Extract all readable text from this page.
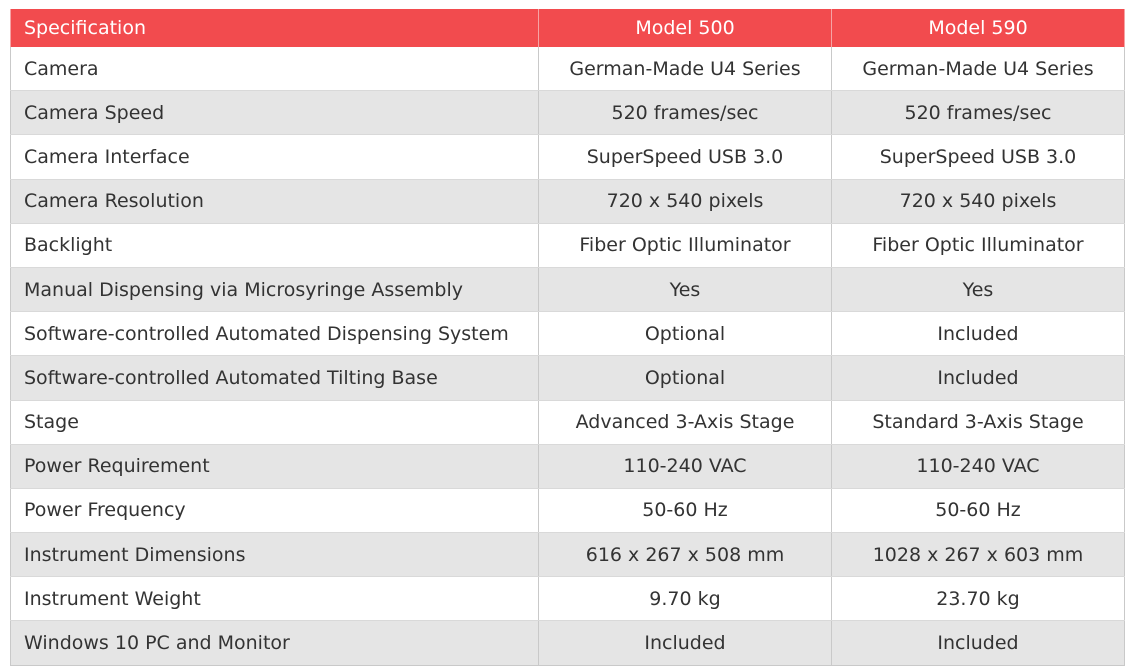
Specification	Model 500	Model 590
Camera	German-Made U4 Series	German-Made U4 Series
Camera Speed	520 frames/sec	520 frames/sec
Camera Interface	SuperSpeed USB 3.0	SuperSpeed USB 3.0
Camera Resolution	720 x 540 pixels	720 x 540 pixels
Backlight	Fiber Optic Illuminator	Fiber Optic Illuminator
Manual Dispensing via Microsyringe Assembly	Yes	Yes
Software-controlled Automated Dispensing System	Optional	Included
Software-controlled Automated Tilting Base	Optional	Included
Stage	Advanced 3-Axis Stage	Standard 3-Axis Stage
Power Requirement	110-240 VAC	110-240 VAC
Power Frequency	50-60 Hz	50-60 Hz
Instrument Dimensions	616 x 267 x 508 mm	1028 x 267 x 603 mm
Instrument Weight	9.70 kg	23.70 kg
Windows 10 PC and Monitor	Included	Included
